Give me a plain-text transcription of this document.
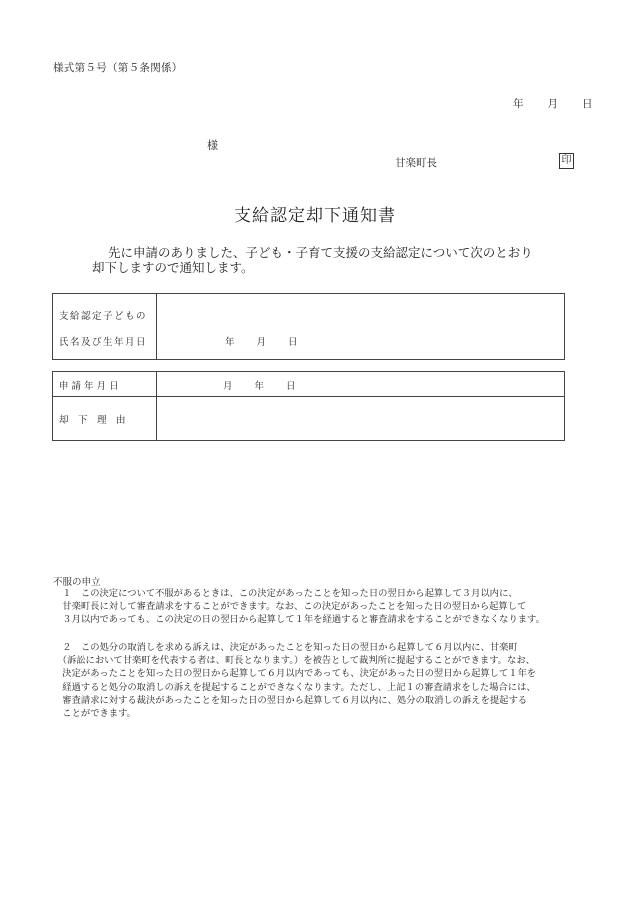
様式第５号（第５条関係）
年 月 日
様
甘楽町長	印
支給認定却下通知書
先に申請のありました、子ども・子育て支援の支給認定について次のとおり
却下しますので通知します。
支給認定子どもの
氏名及び生年月日	年 月 日
申 請 年 月 日	月 年 日
却　下　理　由
不服の申立
　１　この決定について不服があるときは、この決定があったことを知った日の翌日から起算して３月以内に、
　甘楽町長に対して審査請求をすることができます。なお、この決定があったことを知った日の翌日から起算して
　３月以内であっても、この決定の日の翌日から起算して１年を経過すると審査請求をすることができなくなります。
　２　この処分の取消しを求める訴えは、決定があったことを知った日の翌日から起算して６月以内に、甘楽町
　（訴訟において甘楽町を代表する者は、町長となります。）を被告として裁判所に提起することができます。なお、
　決定があったことを知った日の翌日から起算して６月以内であっても、決定があった日の翌日から起算して１年を
　経過すると処分の取消しの訴えを提起することができなくなります。ただし、上記１の審査請求をした場合には、
　審査請求に対する裁決があったことを知った日の翌日から起算して６月以内に、処分の取消しの訴えを提起する
　ことができます。
